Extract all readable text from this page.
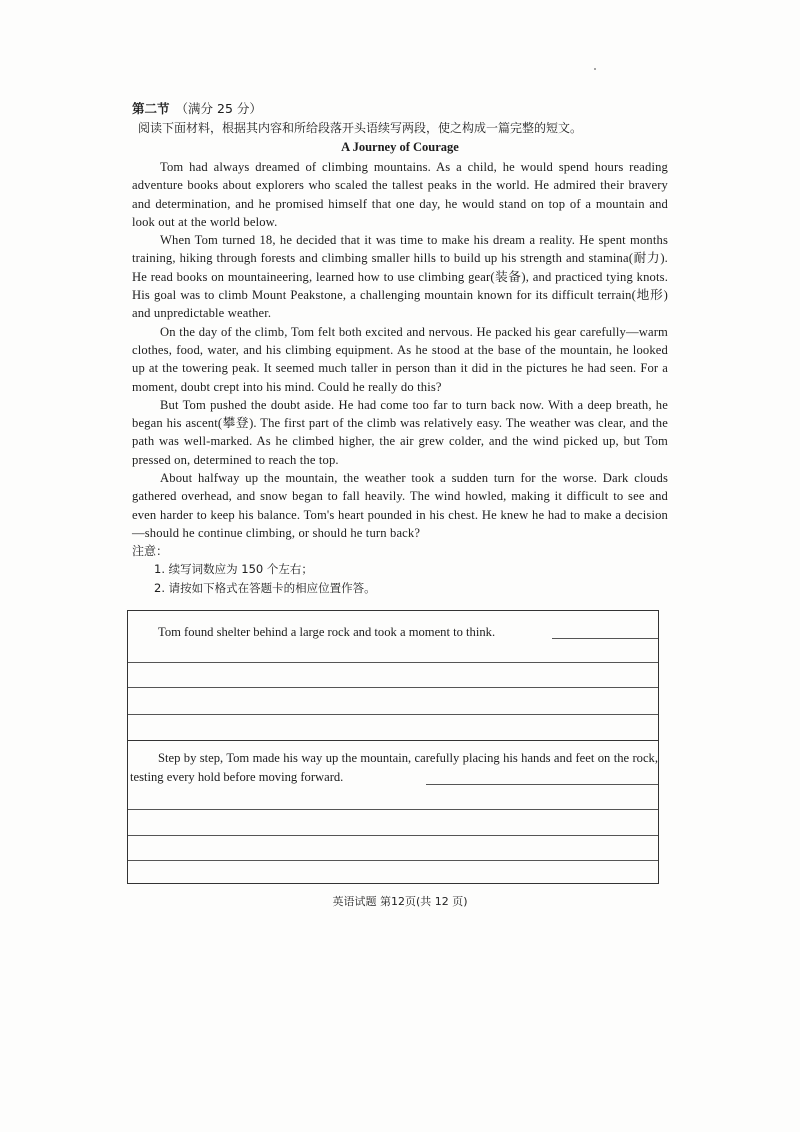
第二节 （满分 25 分）

阅读下面材料，根据其内容和所给段落开头语续写两段，使之构成一篇完整的短文。

A Journey of Courage

Tom had always dreamed of climbing mountains. As a child, he would spend hours reading adventure books about explorers who scaled the tallest peaks in the world. He admired their bravery and determination, and he promised himself that one day, he would stand on top of a mountain and look out at the world below.

When Tom turned 18, he decided that it was time to make his dream a reality. He spent months training, hiking through forests and climbing smaller hills to build up his strength and stamina(耐力). He read books on mountaineering, learned how to use climbing gear(装备), and practiced tying knots. His goal was to climb Mount Peakstone, a challenging mountain known for its difficult terrain(地形) and unpredictable weather.

On the day of the climb, Tom felt both excited and nervous. He packed his gear carefully—warm clothes, food, water, and his climbing equipment. As he stood at the base of the mountain, he looked up at the towering peak. It seemed much taller in person than it did in the pictures he had seen. For a moment, doubt crept into his mind. Could he really do this?

But Tom pushed the doubt aside. He had come too far to turn back now. With a deep breath, he began his ascent(攀登). The first part of the climb was relatively easy. The weather was clear, and the path was well-marked. As he climbed higher, the air grew colder, and the wind picked up, but Tom pressed on, determined to reach the top.

About halfway up the mountain, the weather took a sudden turn for the worse. Dark clouds gathered overhead, and snow began to fall heavily. The wind howled, making it difficult to see and even harder to keep his balance. Tom's heart pounded in his chest. He knew he had to make a decision—should he continue climbing, or should he turn back?

注意：

1. 续写词数应为 150 个左右；

2. 请按如下格式在答题卡的相应位置作答。

Tom found shelter behind a large rock and took a moment to think.
Step by step, Tom made his way up the mountain, carefully placing his hands and feet on the rock, testing every hold before moving forward.
英语试题 第12页(共 12 页)
